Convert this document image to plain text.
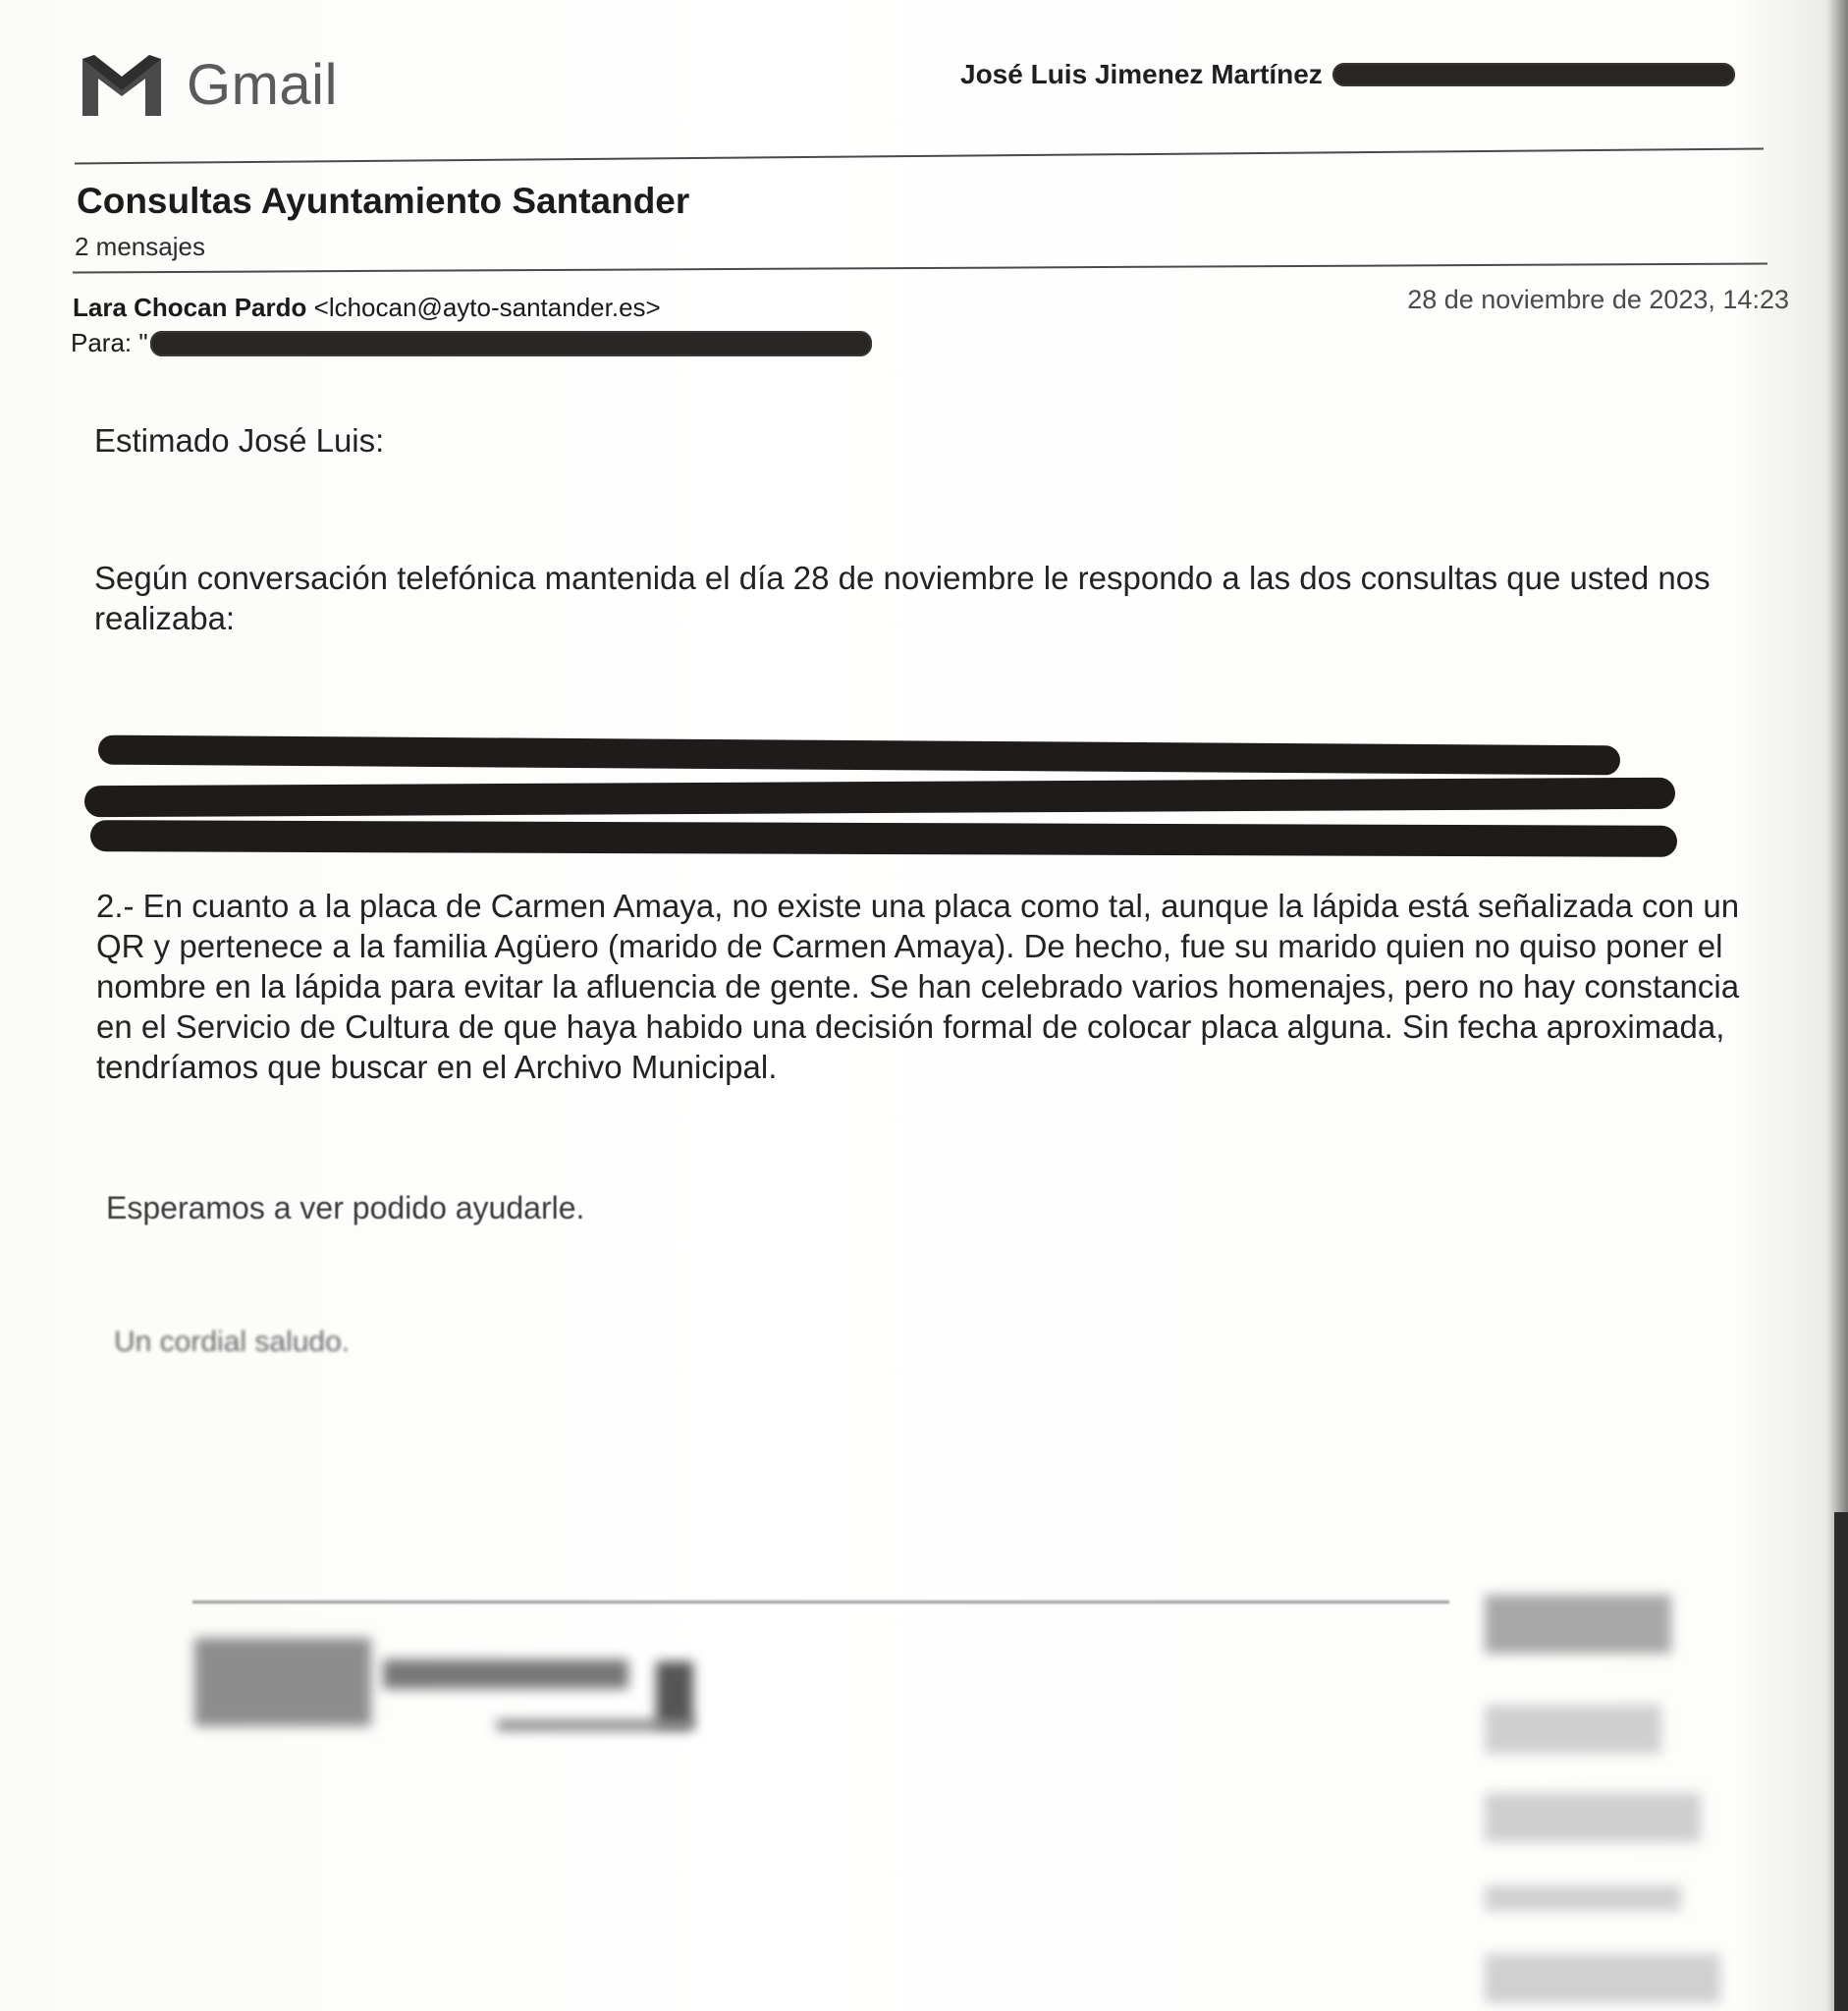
Gmail	José Luis Jimenez Martínez
Consultas Ayuntamiento Santander
2 mensajes
Lara Chocan Pardo <lchocan@ayto-santander.es>
Para: "
28 de noviembre de 2023, 14:23
Estimado José Luis:
Según conversación telefónica mantenida el día 28 de noviembre le respondo a las dos consultas que usted nos realizaba:
2.- En cuanto a la placa de Carmen Amaya, no existe una placa como tal, aunque la lápida está señalizada con un QR y pertenece a la familia Agüero (marido de Carmen Amaya). De hecho, fue su marido quien no quiso poner el nombre en la lápida para evitar la afluencia de gente. Se han celebrado varios homenajes, pero no hay constancia en el Servicio de Cultura de que haya habido una decisión formal de colocar placa alguna. Sin fecha aproximada, tendríamos que buscar en el Archivo Municipal.
Esperamos a ver podido ayudarle.
Un cordial saludo.
